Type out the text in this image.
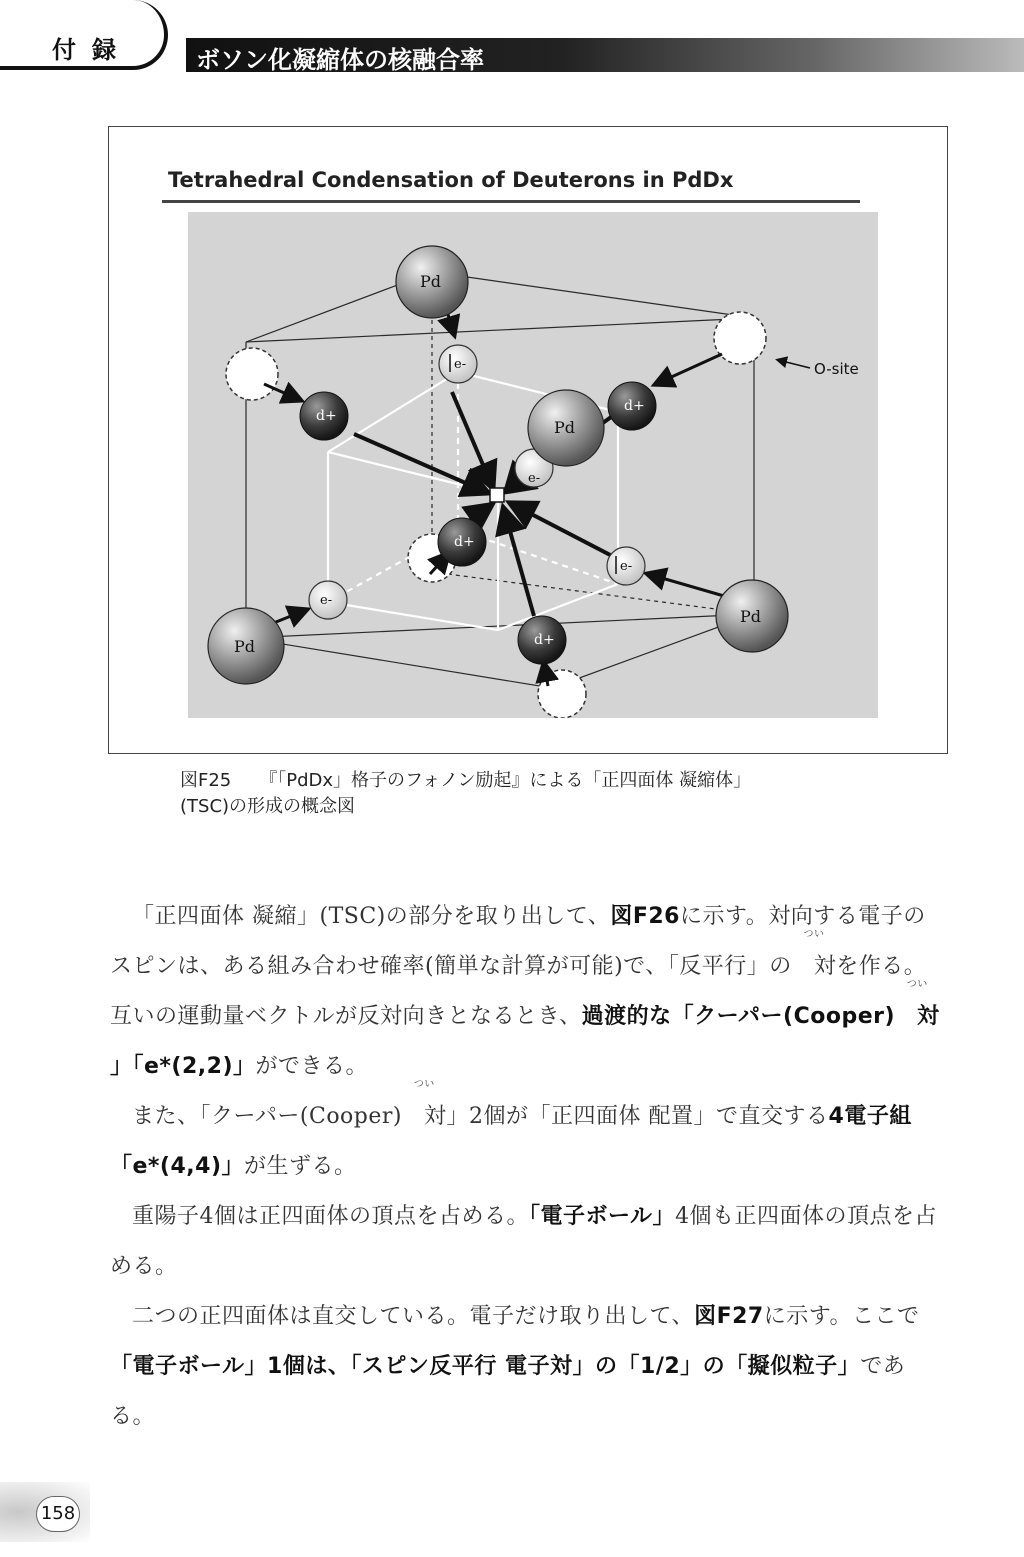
付録	ボソン化凝縮体の核融合率
Tetrahedral Condensation of Deuterons in PdDx
O-site
e-
e-
e-
e-
d+
d+
d+
d+
Pd
Pd
Pd
Pd
図F25 『「PdDx」格子のフォノン励起』による「正四面体 凝縮体」
(TSC)の形成の概念図

「正四面体 凝縮」(TSC)の部分を取り出して、図F26に示す。対向する電子のスピンは、ある組み合わせ確率(簡単な計算が可能)で、「反平行」の
つい
対を作る。互いの運動量ベクトルが反対向きとなるとき、過渡的な「クーパー(Cooper)
つい
対」「e*(2,2)」ができる。

また、「クーパー(Cooper)
つい
対」2個が「正四面体 配置」で直交する4電子組「e*(4,4)」が生ずる。

重陽子4個は正四面体の頂点を占める。「電子ボール」4個も正四面体の頂点を占める。

二つの正四面体は直交している。電子だけ取り出して、図F27に示す。ここで「電子ボール」1個は、「スピン反平行 電子対」の「1/2」の「擬似粒子」である。

158
